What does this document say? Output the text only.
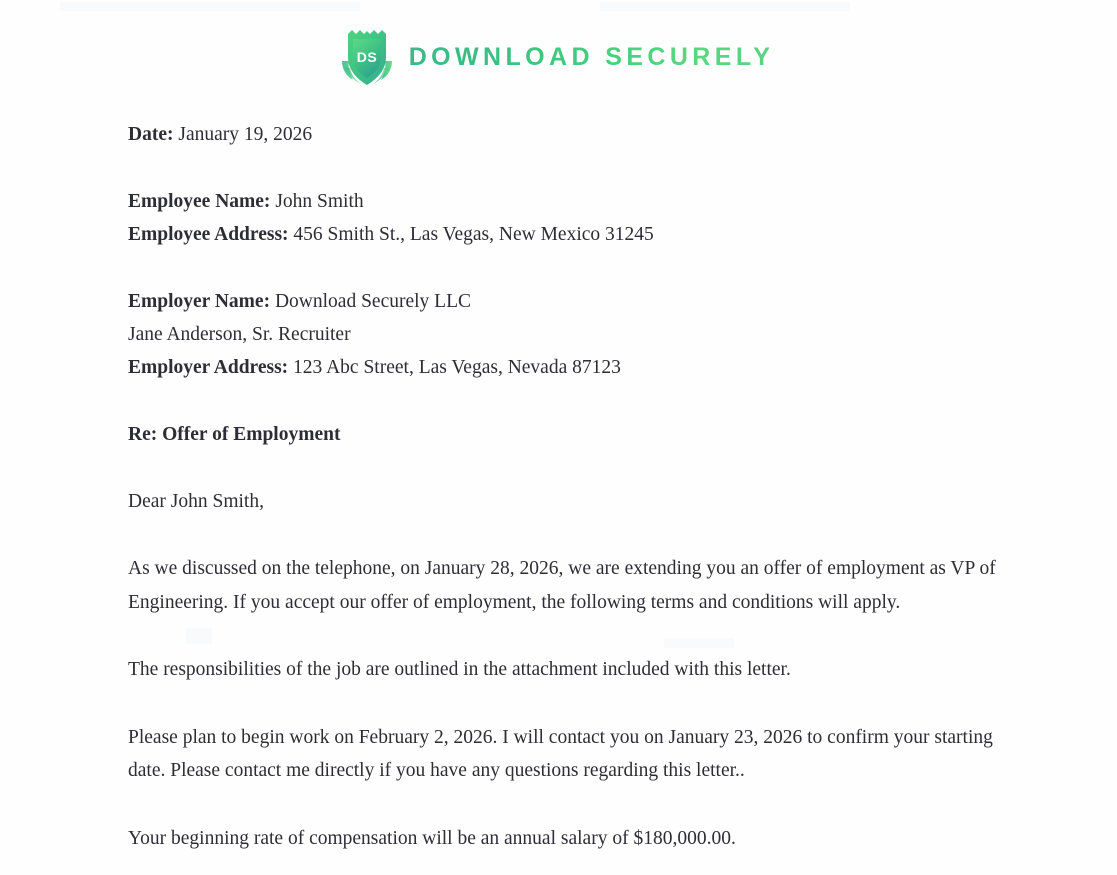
DS DOWNLOAD SECURELY
Date: January 19, 2026
Employee Name: John Smith
Employee Address: 456 Smith St., Las Vegas, New Mexico 31245
Employer Name: Download Securely LLC
Jane Anderson, Sr. Recruiter
Employer Address: 123 Abc Street, Las Vegas, Nevada 87123
Re: Offer of Employment
Dear John Smith,
As we discussed on the telephone, on January 28, 2026, we are extending you an offer of employment as VP of Engineering. If you accept our offer of employment, the following terms and conditions will apply.
The responsibilities of the job are outlined in the attachment included with this letter.
Please plan to begin work on February 2, 2026. I will contact you on January 23, 2026 to confirm your starting date. Please contact me directly if you have any questions regarding this letter..
Your beginning rate of compensation will be an annual salary of $180,000.00.
